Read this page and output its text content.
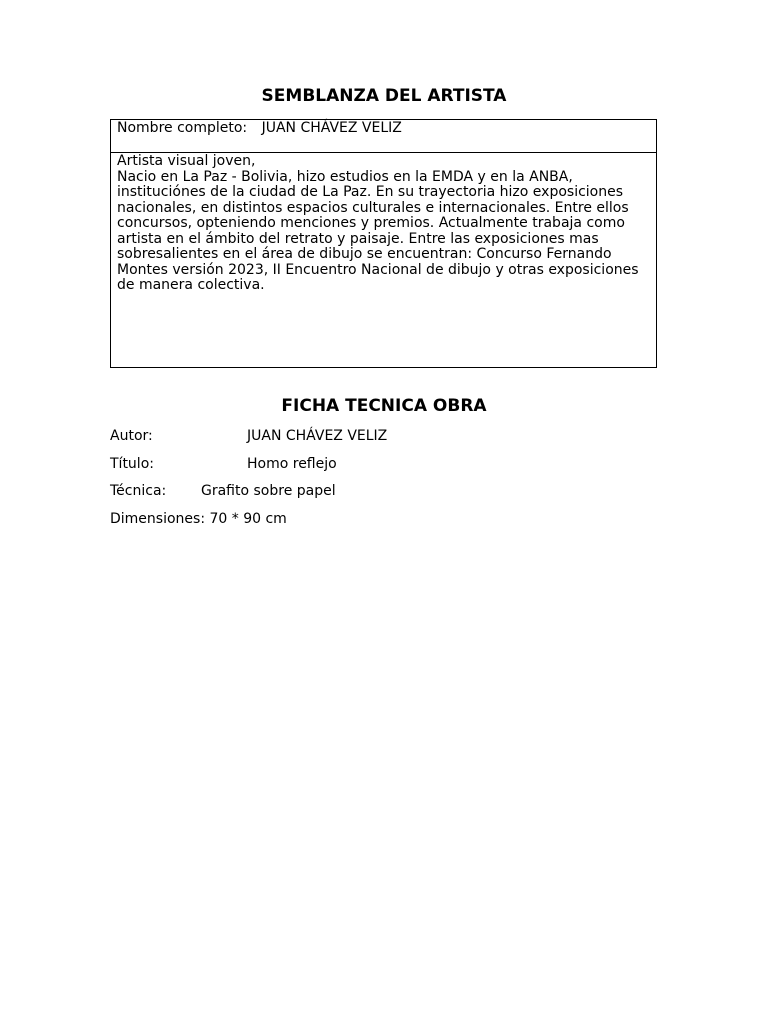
SEMBLANZA DEL ARTISTA
Nombre completo: JUAN CHÁVEZ VELIZ

Artista visual joven,

Nacio en La Paz - Bolivia, hizo estudios en la EMDA y en la ANBA, instituciónes de la ciudad de La Paz. En su trayectoria hizo exposiciones nacionales, en distintos espacios culturales e internacionales. Entre ellos concursos, opteniendo menciones y premios. Actualmente trabaja como artista en el ámbito del retrato y paisaje. Entre las exposiciones mas sobresalientes en el área de dibujo se encuentran: Concurso Fernando Montes versión 2023, II Encuentro Nacional de dibujo y otras exposiciones de manera colectiva.

FICHA TECNICA OBRA
Autor:	JUAN CHÁVEZ VELIZ
Título:	Homo reflejo
Técnica: Grafito sobre papel
Dimensiones: 70 * 90 cm
